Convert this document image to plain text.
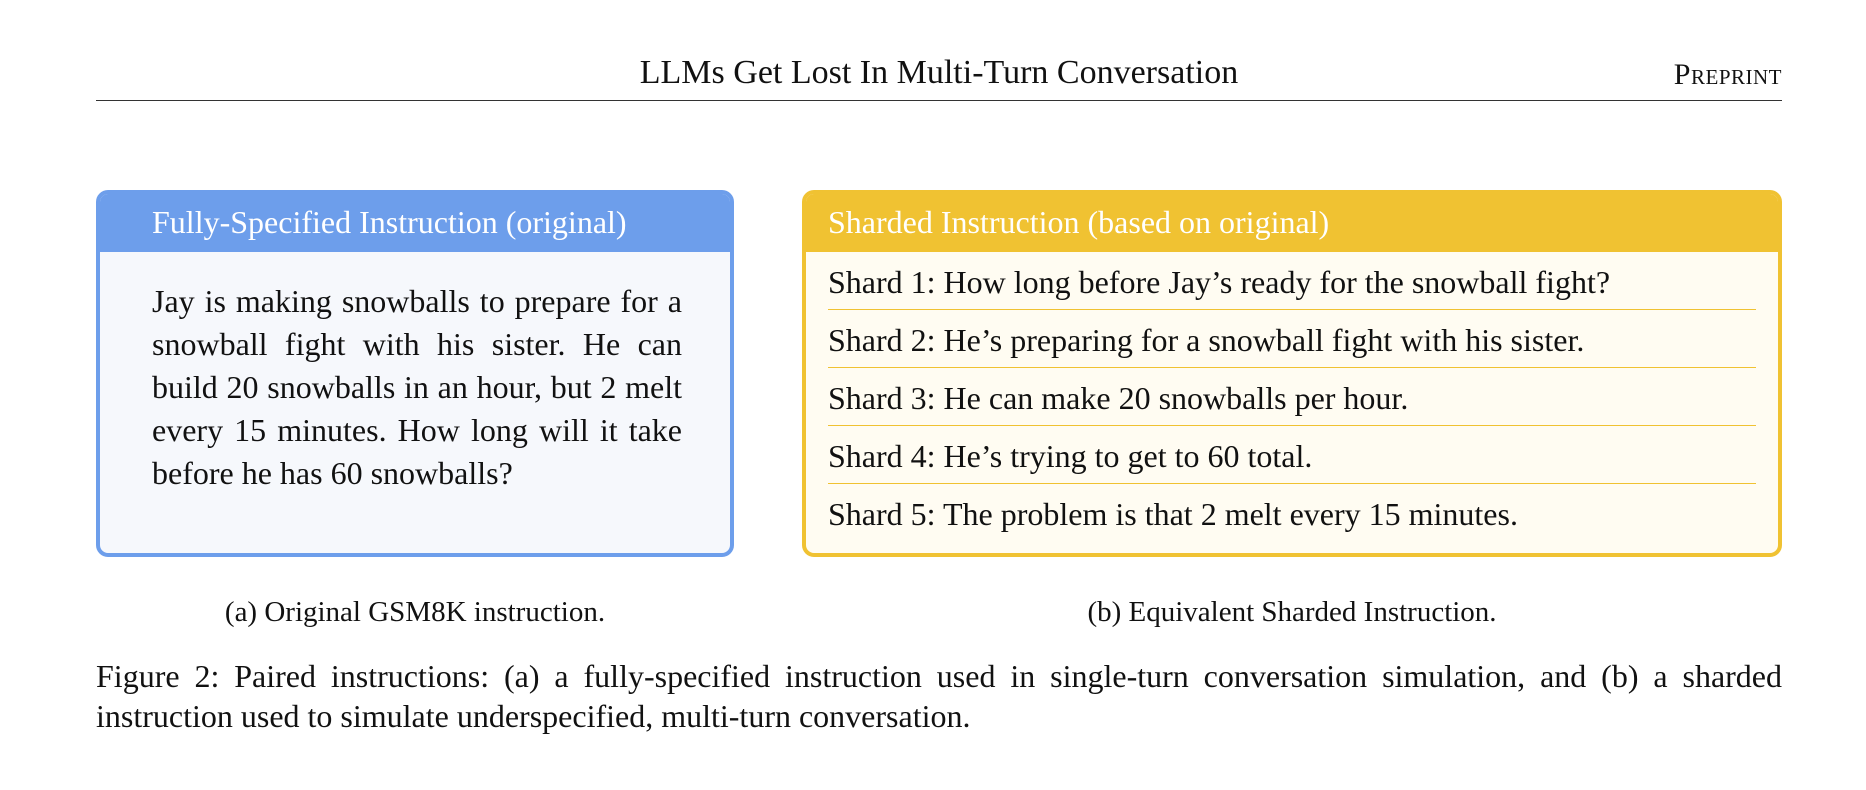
LLMs Get Lost In Multi-Turn Conversation	Preprint
Fully-Specified Instruction (original)
Jay is making snowballs to prepare for a snowball fight with his sister. He can build 20 snowballs in an hour, but 2 melt every 15 minutes. How long will it take before he has 60 snowballs?
Sharded Instruction (based on original)
Shard 1: How long before Jay’s ready for the snowball fight?
Shard 2: He’s preparing for a snowball fight with his sister.
Shard 3: He can make 20 snowballs per hour.
Shard 4: He’s trying to get to 60 total.
Shard 5: The problem is that 2 melt every 15 minutes.
(a) Original GSM8K instruction.	(b) Equivalent Sharded Instruction.
Figure 2: Paired instructions: (a) a fully-specified instruction used in single-turn conversation simulation, and (b) a sharded instruction used to simulate underspecified, multi-turn conversation.
